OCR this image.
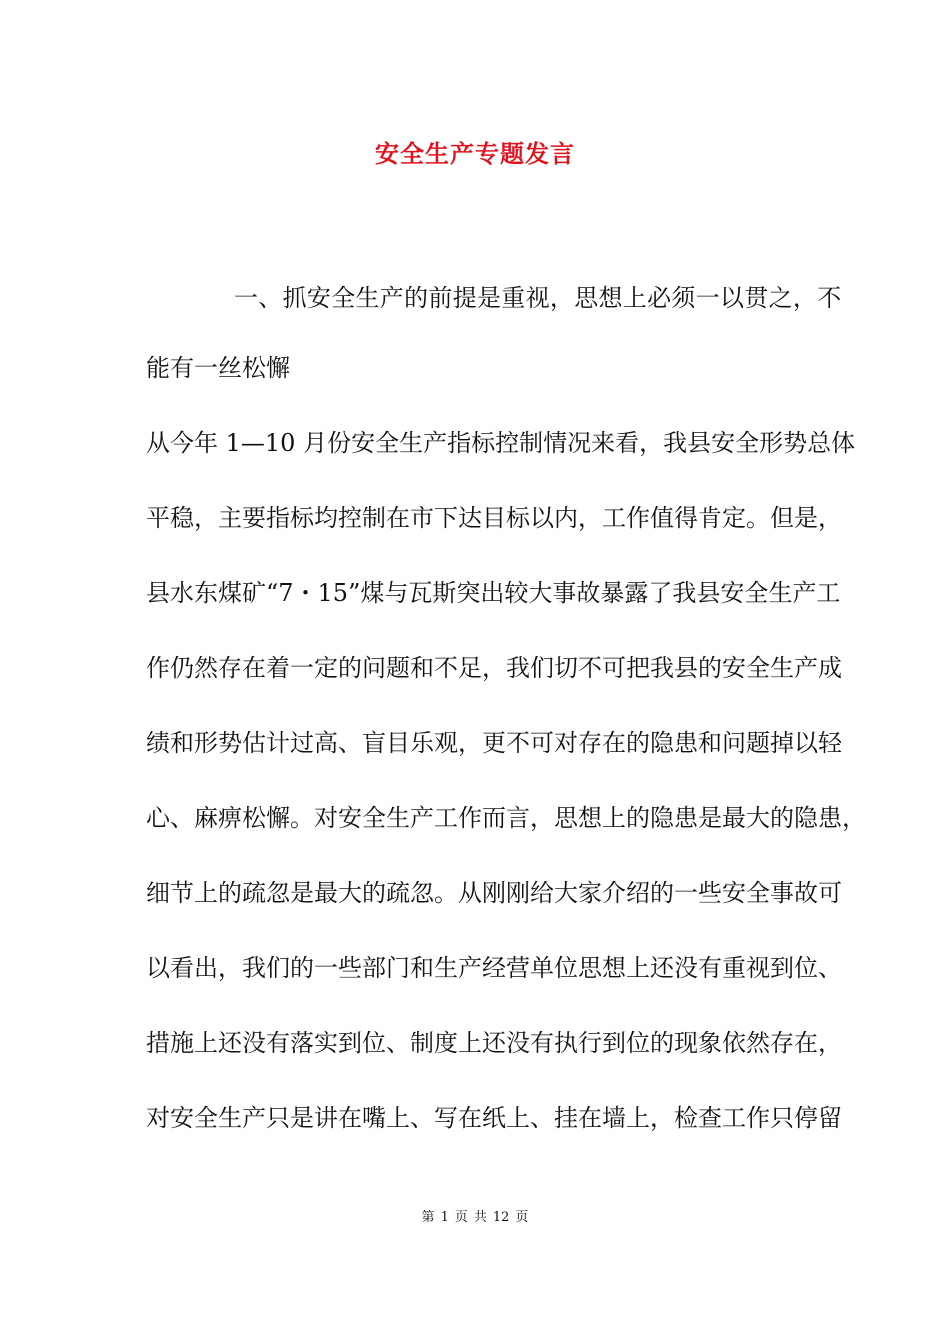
安全生产专题发言
一、抓安全生产的前提是重视，思想上必须一以贯之，不
能有一丝松懈
从今年 1—10 月份安全生产指标控制情况来看，我县安全形势总体
平稳，主要指标均控制在市下达目标以内，工作值得肯定。但是，
县水东煤矿“7・15”煤与瓦斯突出较大事故暴露了我县安全生产工
作仍然存在着一定的问题和不足，我们切不可把我县的安全生产成
绩和形势估计过高、盲目乐观，更不可对存在的隐患和问题掉以轻
心、麻痹松懈。对安全生产工作而言，思想上的隐患是最大的隐患，
细节上的疏忽是最大的疏忽。从刚刚给大家介绍的一些安全事故可
以看出，我们的一些部门和生产经营单位思想上还没有重视到位、
措施上还没有落实到位、制度上还没有执行到位的现象依然存在，
对安全生产只是讲在嘴上、写在纸上、挂在墙上，检查工作只停留
第 1 页 共 12 页
